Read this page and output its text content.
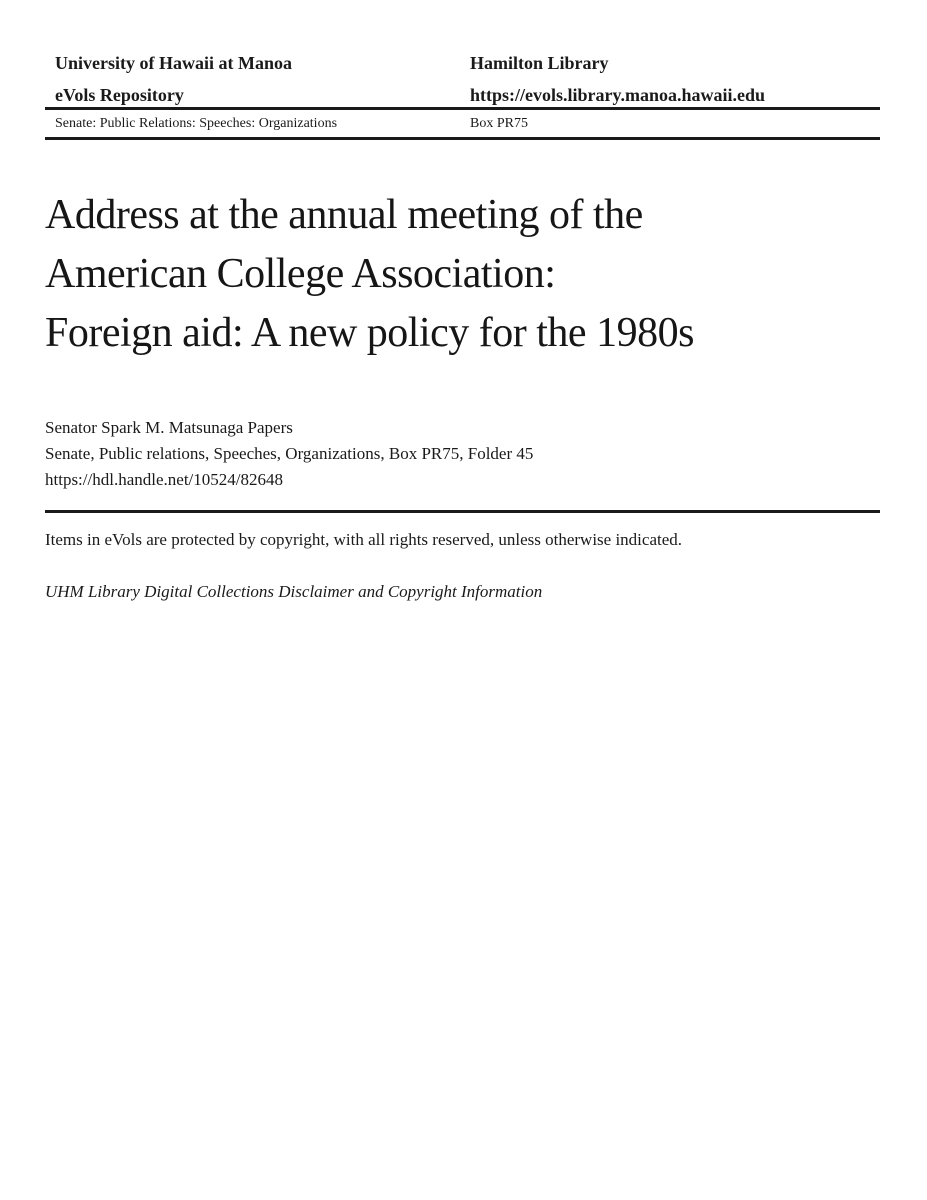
University of Hawaii at Manoa	Hamilton Library
eVols Repository	https://evols.library.manoa.hawaii.edu
Senate: Public Relations: Speeches: Organizations	Box PR75
Address at the annual meeting of the
American College Association:
Foreign aid: A new policy for the 1980s
Senator Spark M. Matsunaga Papers
Senate, Public relations, Speeches, Organizations, Box PR75, Folder 45
https://hdl.handle.net/10524/82648
Items in eVols are protected by copyright, with all rights reserved, unless otherwise indicated.
UHM Library Digital Collections Disclaimer and Copyright Information
